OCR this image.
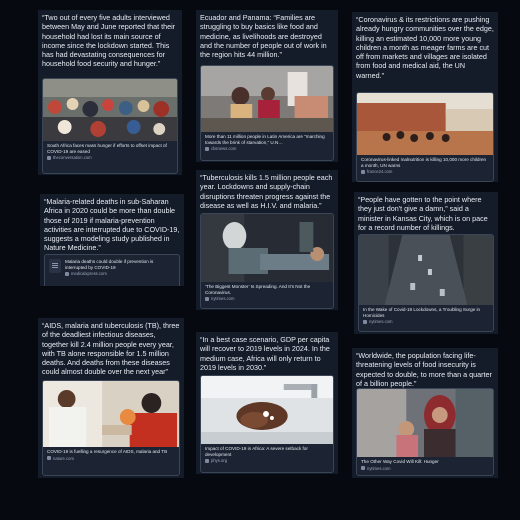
“Two out of every five adults interviewed between May and June reported that their household had lost its main source of income since the lockdown started. This has had devastating consequences for household food security and hunger.”

South Africa faces mass hunger if efforts to offset impact of COVID-19 are eased
theconversation.com

Ecuador and Panama: “Families are struggling to buy basics like food and medicine, as livelihoods are destroyed and the number of people out of work in the region hits 44 million.”

More than 11 million people in Latin America are “marching towards the brink of starvation,” U.N…
cbsnews.com

“Coronavirus & its restrictions are pushing already hungry communities over the edge, killing an estimated 10,000 more young children a month as meager farms are cut off from markets and villages are isolated from food and medical aid, the UN warned.”

Coronavirus-linked malnutrition is killing 10,000 more children a month, UN warns
france24.com

“Tuberculosis kills 1.5 million people each year. Lockdowns and supply-chain disruptions threaten progress against the disease as well as H.I.V. and malaria.”

‘The Biggest Monster’ Is Spreading. And It’s Not the Coronavirus.
nytimes.com

“Malaria-related deaths in sub-Saharan Africa in 2020 could be more than double those of 2019 if malaria-prevention activities are interrupted due to COVID-19, suggests a modeling study published in Nature Medicine.”

Malaria deaths could double if prevention is interrupted by COVID-19
medicalxpress.com

“People have gotten to the point where they just don't give a damn,” said a minister in Kansas City, which is on pace for a record number of killings.

In the Wake of Covid-19 Lockdowns, a Troubling Surge in Homicides
nytimes.com

“AIDS, malaria and tuberculosis (TB), three of the deadliest infectious diseases, together kill 2.4 million people every year, with TB alone responsible for 1.5 million deaths. And deaths from these diseases could almost double over the next year”

COVID-19 is fuelling a resurgence of AIDS, malaria and TB
nature.com

“In a best case scenario, GDP per capita will recover to 2019 levels in 2024. In the medium case, Africa will only return to 2019 levels in 2030.”

Impact of COVID-19 in Africa: A severe setback for development
phys.org

“Worldwide, the population facing life-threatening levels of food insecurity is expected to double, to more than a quarter of a billion people.”

The Other Way Covid Will Kill: Hunger
nytimes.com
